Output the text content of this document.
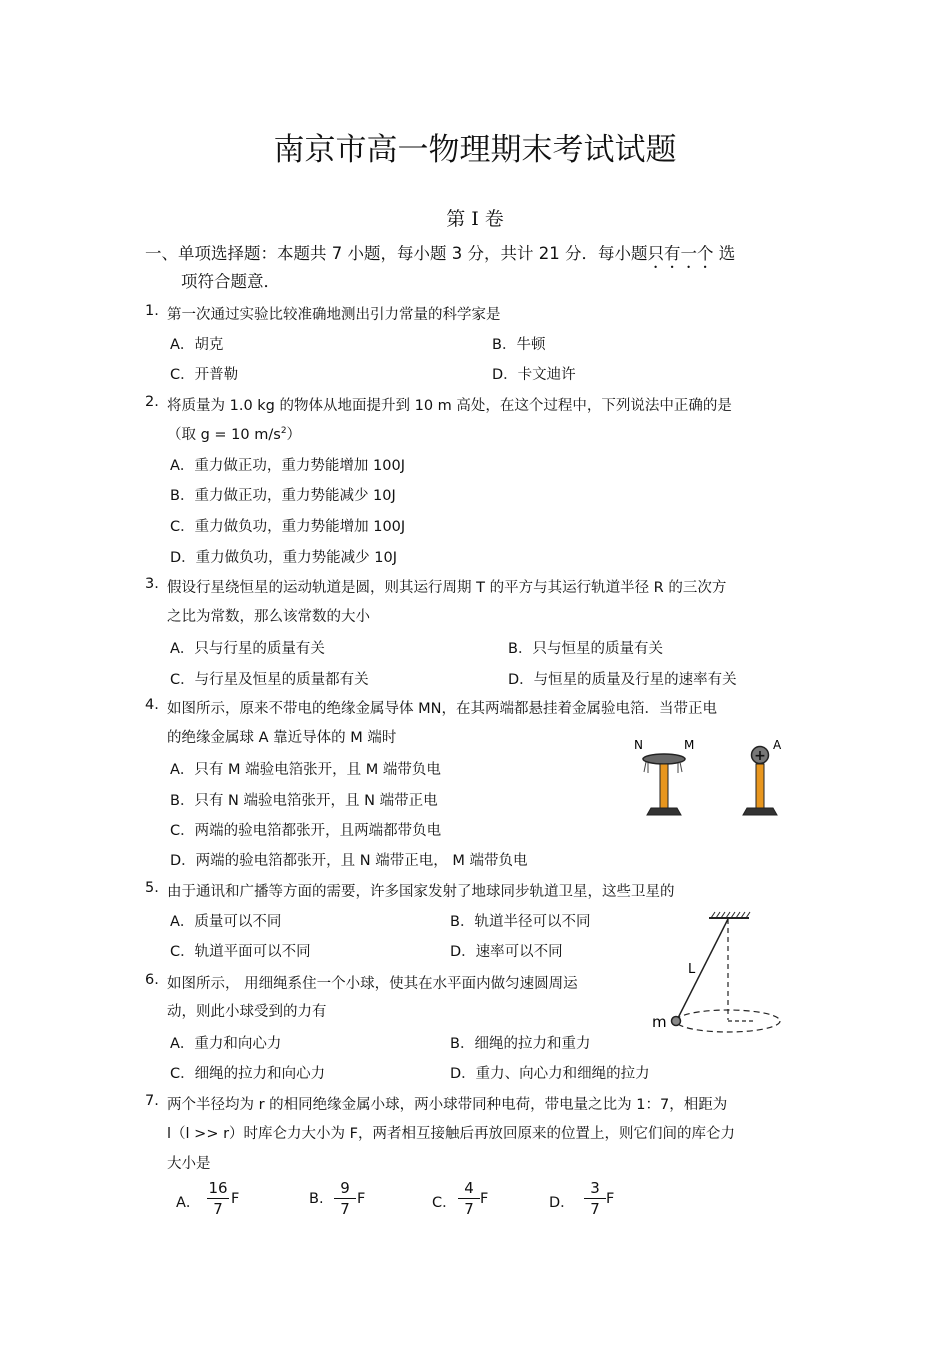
南京市高一物理期末考试试题
第 I 卷
一、单项选择题：本题共 7 小题，每小题 3 分，共计 21 分．每小题只有一个 选
项符合题意．
1. 第一次通过实验比较准确地测出引力常量的科学家是
A．胡克	B．牛顿
C．开普勒	D．卡文迪许
2. 将质量为 1.0 kg 的物体从地面提升到 10 m 高处，在这个过程中，下列说法中正确的是
（取 g = 10 $m/s^2$）
A．重力做正功，重力势能增加 100J
B．重力做正功，重力势能减少 10J
C．重力做负功，重力势能增加 100J
D．重力做负功，重力势能减少 10J
3. 假设行星绕恒星的运动轨道是圆，则其运行周期 T 的平方与其运行轨道半径 R 的三次方
之比为常数，那么该常数的大小
A．只与行星的质量有关	B．只与恒星的质量有关
C．与行星及恒星的质量都有关	D．与恒星的质量及行星的速率有关
4. 如图所示，原来不带电的绝缘金属导体 MN，在其两端都悬挂着金属验电箔．当带正电
的绝缘金属球 A 靠近导体的 M 端时
A．只有 M 端验电箔张开，且 M 端带负电
B．只有 N 端验电箔张开，且 N 端带正电
C．两端的验电箔都张开，且两端都带负电
D．两端的验电箔都张开，且 N 端带正电， M 端带负电
N	M
+
A
5. 由于通讯和广播等方面的需要，许多国家发射了地球同步轨道卫星，这些卫星的
A．质量可以不同	B．轨道半径可以不同
C．轨道平面可以不同	D．速率可以不同
6. 如图所示， 用细绳系住一个小球，使其在水平面内做匀速圆周运
动，则此小球受到的力有
A．重力和向心力	B．细绳的拉力和重力
C．细绳的拉力和向心力	D．重力、向心力和细绳的拉力
L
m
7. 两个半径均为 r 的相同绝缘金属小球，两小球带同种电荷，带电量之比为 1：7，相距为
l（l >> r）时库仑力大小为 F，两者相互接触后再放回原来的位置上，则它们间的库仑力
大小是
A．
16
7
F	B.
9
7
F	C．
4
7
F	D．
3
7
F
